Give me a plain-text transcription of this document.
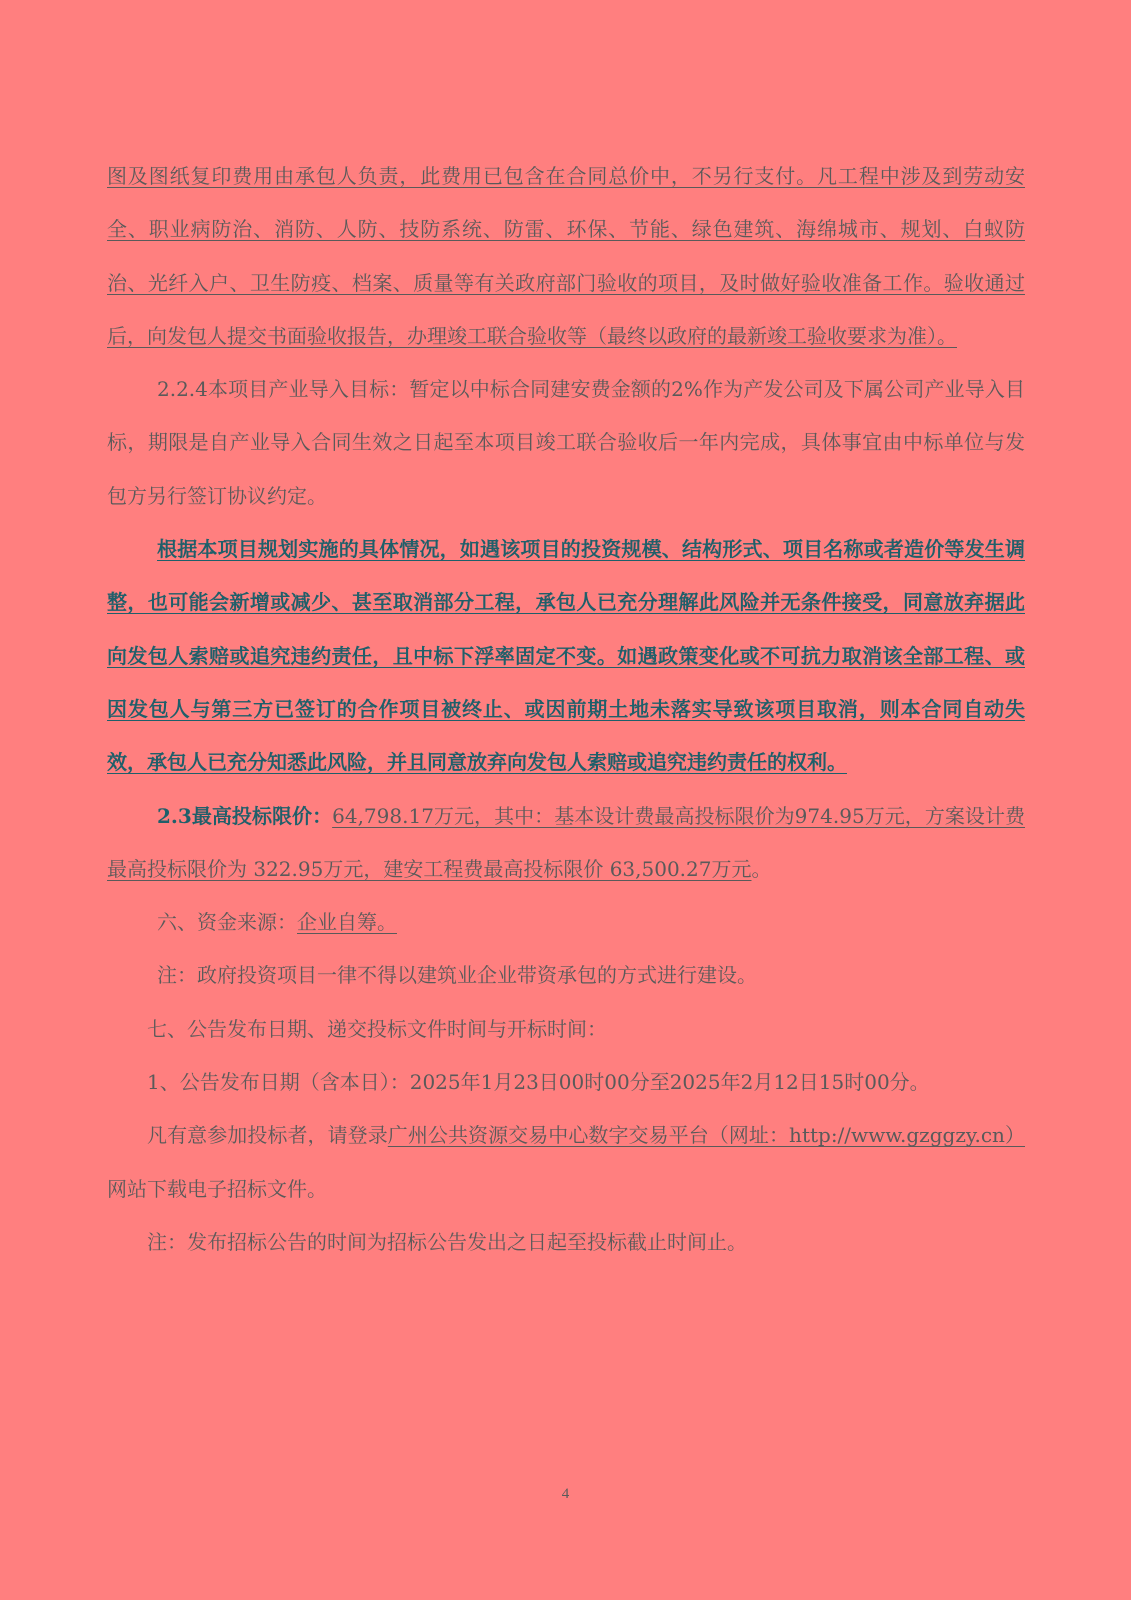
图及图纸复印费用由承包人负责，此费用已包含在合同总价中，不另行支付。凡工程中涉及到劳动安全、职业病防治、消防、人防、技防系统、防雷、环保、节能、绿色建筑、海绵城市、规划、白蚁防治、光纤入户、卫生防疫、档案、质量等有关政府部门验收的项目，及时做好验收准备工作。验收通过后，向发包人提交书面验收报告，办理竣工联合验收等（最终以政府的最新竣工验收要求为准）。

2.2.4本项目产业导入目标：暂定以中标合同建安费金额的2%作为产发公司及下属公司产业导入目标，期限是自产业导入合同生效之日起至本项目竣工联合验收后一年内完成，具体事宜由中标单位与发包方另行签订协议约定。

根据本项目规划实施的具体情况，如遇该项目的投资规模、结构形式、项目名称或者造价等发生调整，也可能会新增或减少、甚至取消部分工程，承包人已充分理解此风险并无条件接受，同意放弃据此向发包人索赔或追究违约责任，且中标下浮率固定不变。如遇政策变化或不可抗力取消该全部工程、或因发包人与第三方已签订的合作项目被终止、或因前期土地未落实导致该项目取消，则本合同自动失效，承包人已充分知悉此风险，并且同意放弃向发包人索赔或追究违约责任的权利。

2.3最高投标限价：64,798.17万元，其中：基本设计费最高投标限价为974.95万元，方案设计费最高投标限价为 322.95万元，建安工程费最高投标限价 63,500.27万元。

六、资金来源：企业自筹。

注：政府投资项目一律不得以建筑业企业带资承包的方式进行建设。

七、公告发布日期、递交投标文件时间与开标时间：

1、公告发布日期（含本日）：2025年1月23日00时00分至2025年2月12日15时00分。

凡有意参加投标者，请登录广州公共资源交易中心数字交易平台（网址：http://www.gzggzy.cn）网站下载电子招标文件。

注：发布招标公告的时间为招标公告发出之日起至投标截止时间止。

4
